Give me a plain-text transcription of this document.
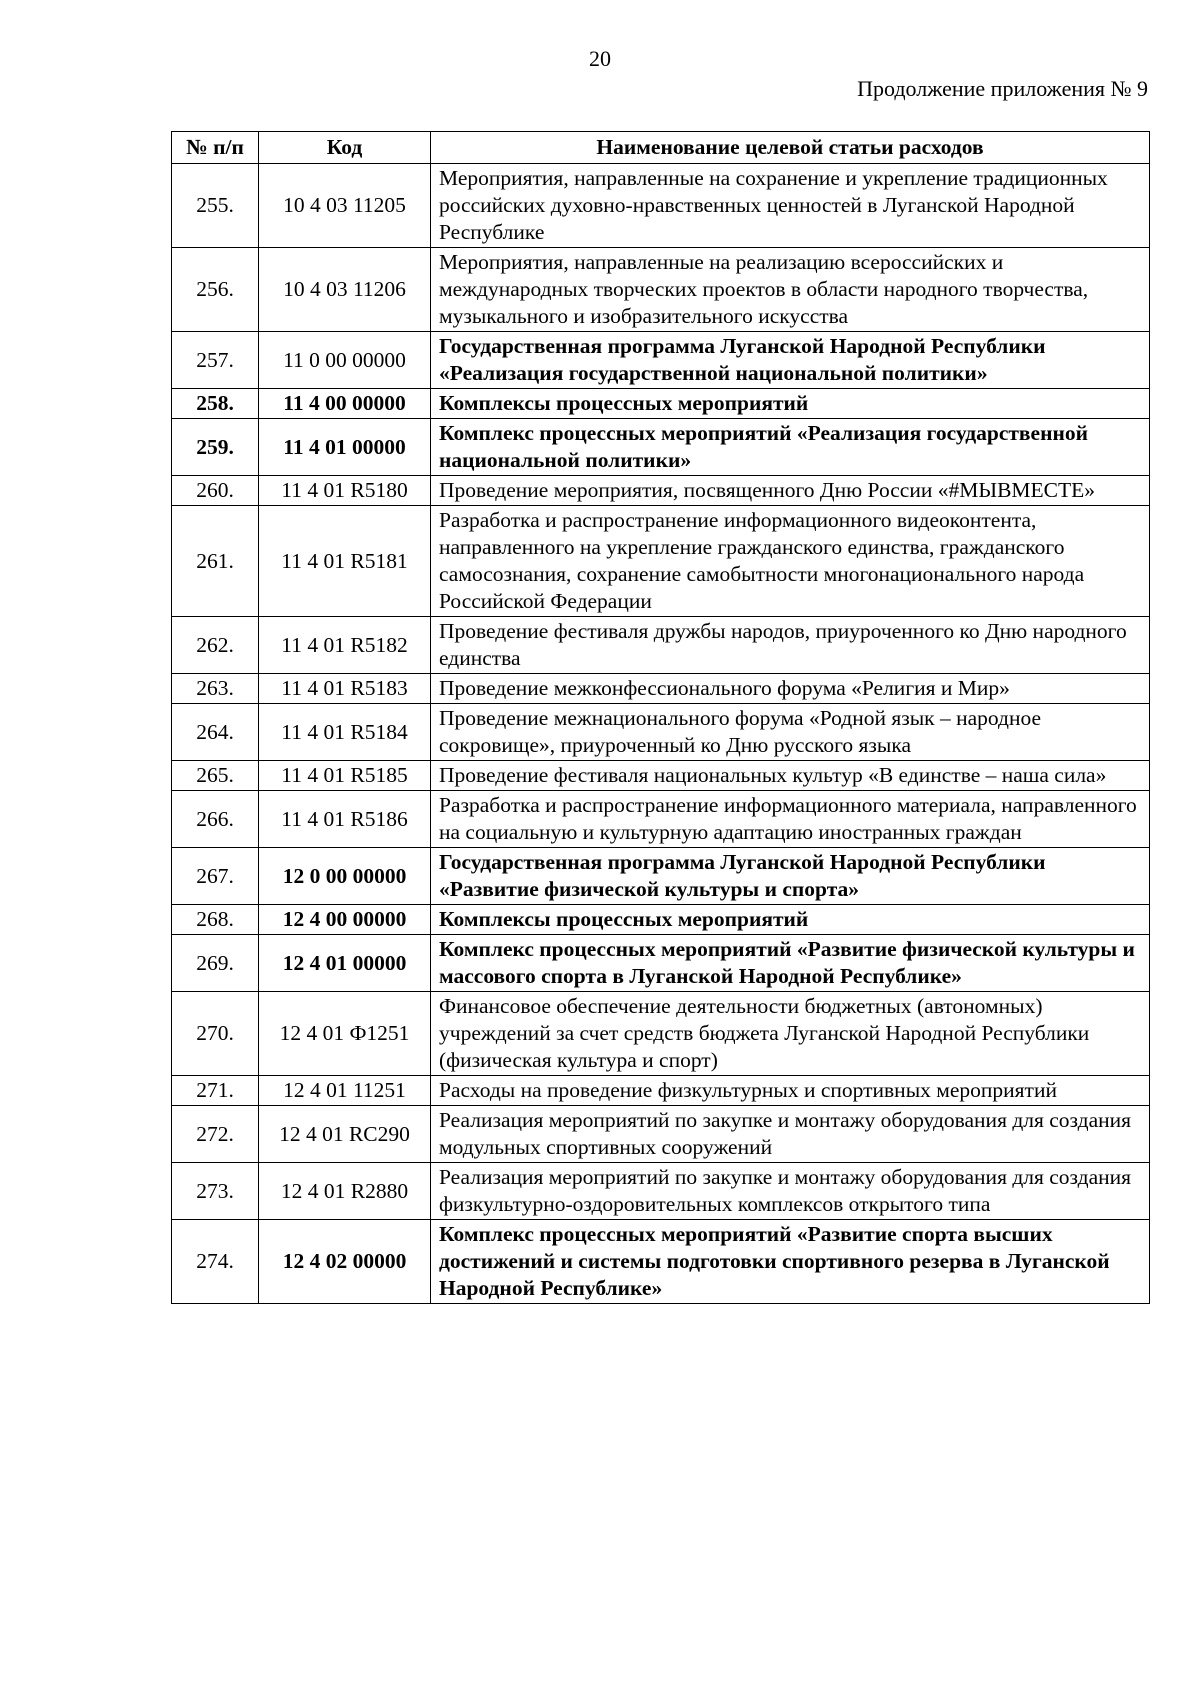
20
Продолжение приложения № 9
№ п/п	Код	Наименование целевой статьи расходов
255.	10 4 03 11205	Мероприятия, направленные на сохранение и укрепление традиционных российских духовно-нравственных ценностей в Луганской Народной Республике
256.	10 4 03 11206	Мероприятия, направленные на реализацию всероссийских и международных творческих проектов в области народного творчества, музыкального и изобразительного искусства
257.	11 0 00 00000	Государственная программа Луганской Народной Республики «Реализация государственной национальной политики»
258.	11 4 00 00000	Комплексы процессных мероприятий
259.	11 4 01 00000	Комплекс процессных мероприятий «Реализация государственной национальной политики»
260.	11 4 01 R5180	Проведение мероприятия, посвященного Дню России «#МЫВМЕСТЕ»
261.	11 4 01 R5181	Разработка и распространение информационного видеоконтента, направленного на укрепление гражданского единства, гражданского самосознания, сохранение самобытности многонационального народа Российской Федерации
262.	11 4 01 R5182	Проведение фестиваля дружбы народов, приуроченного ко Дню народного единства
263.	11 4 01 R5183	Проведение межконфессионального форума «Религия и Мир»
264.	11 4 01 R5184	Проведение межнационального форума «Родной язык – народное сокровище», приуроченный ко Дню русского языка
265.	11 4 01 R5185	Проведение фестиваля национальных культур «В единстве – наша сила»
266.	11 4 01 R5186	Разработка и распространение информационного материала, направленного на социальную и культурную адаптацию иностранных граждан
267.	12 0 00 00000	Государственная программа Луганской Народной Республики «Развитие физической культуры и спорта»
268.	12 4 00 00000	Комплексы процессных мероприятий
269.	12 4 01 00000	Комплекс процессных мероприятий «Развитие физической культуры и массового спорта в Луганской Народной Республике»
270.	12 4 01 Ф1251	Финансовое обеспечение деятельности бюджетных (автономных) учреждений за счет средств бюджета Луганской Народной Республики (физическая культура и спорт)
271.	12 4 01 11251	Расходы на проведение физкультурных и спортивных мероприятий
272.	12 4 01 RС290	Реализация мероприятий по закупке и монтажу оборудования для создания модульных спортивных сооружений
273.	12 4 01 R2880	Реализация мероприятий по закупке и монтажу оборудования для создания физкультурно-оздоровительных комплексов открытого типа
274.	12 4 02 00000	Комплекс процессных мероприятий «Развитие спорта высших достижений и системы подготовки спортивного резерва в Луганской Народной Республике»
